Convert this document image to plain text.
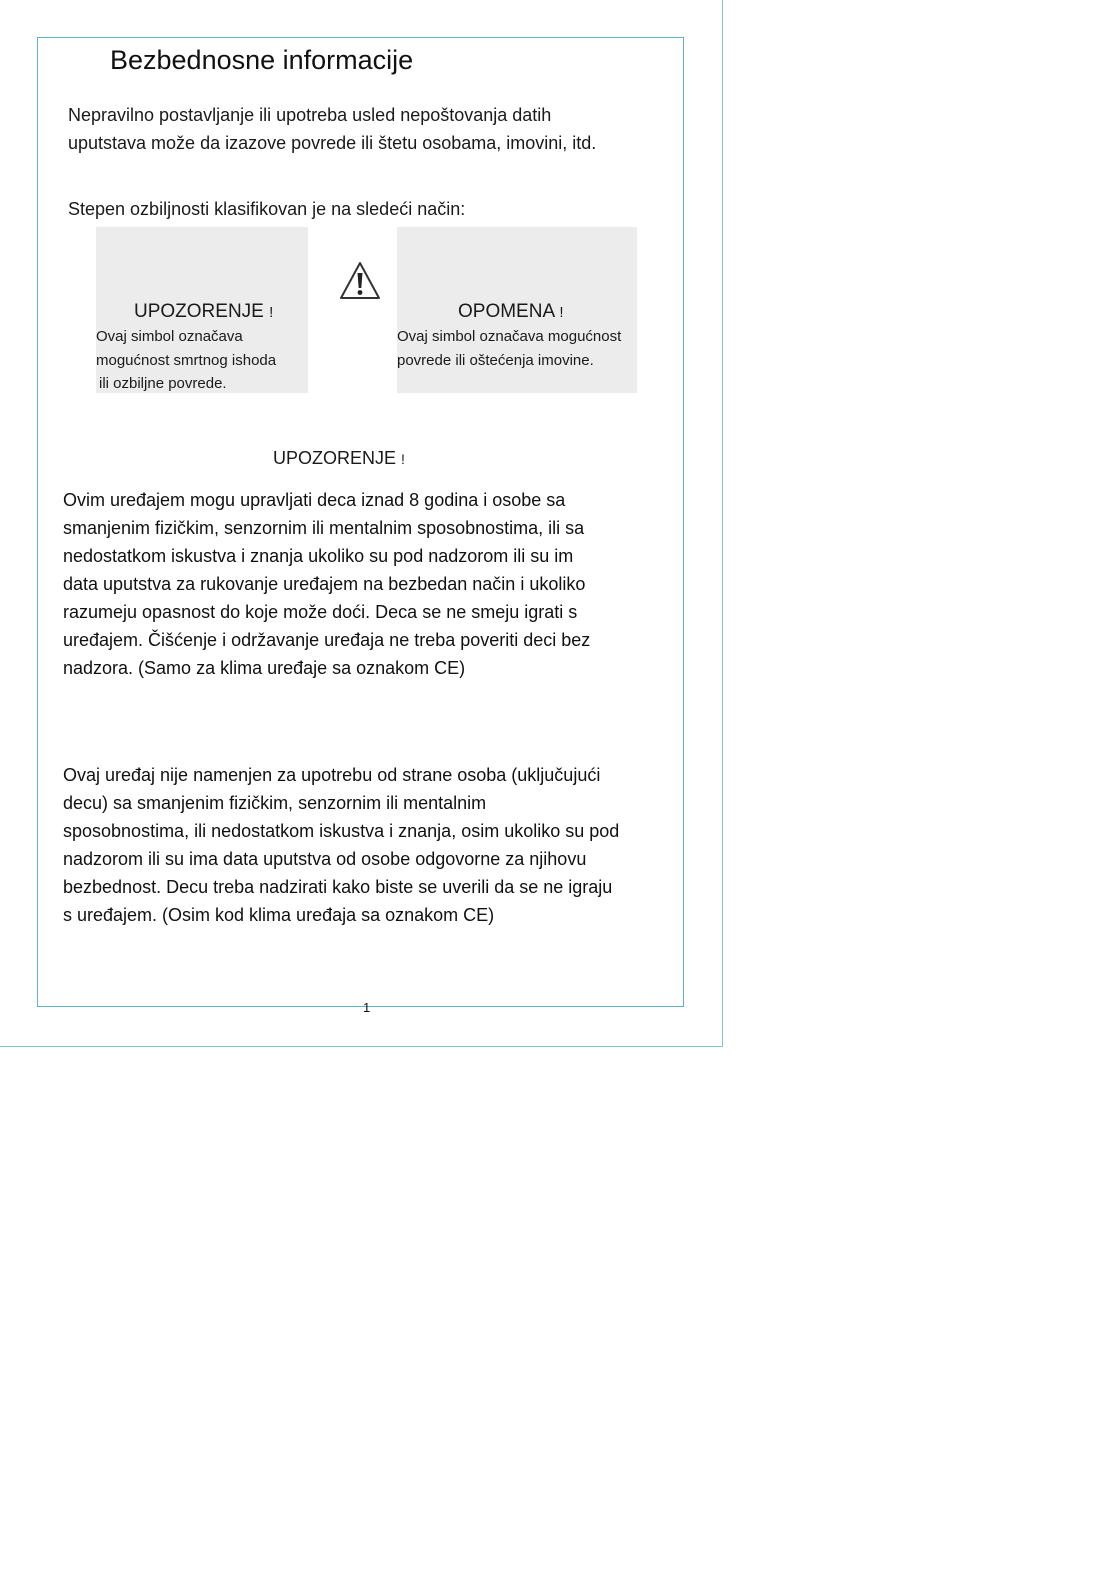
Bezbednosne informacije
Nepravilno postavljanje ili upotreba usled nepoštovanja datih
uputstava može da izazove povrede ili štetu osobama, imovini, itd.
Stepen ozbiljnosti klasifikovan je na sledeći način:
UPOZORENJE !
Ovaj simbol označava
mogućnost smrtnog ishoda
ili ozbiljne povrede.
OPOMENA !
Ovaj simbol označava mogućnost
povrede ili oštećenja imovine.
UPOZORENJE !
Ovim uređajem mogu upravljati deca iznad 8 godina i osobe sa
smanjenim fizičkim, senzornim ili mentalnim sposobnostima, ili sa
nedostatkom iskustva i znanja ukoliko su pod nadzorom ili su im
data uputstva za rukovanje uređajem na bezbedan način i ukoliko
razumeju opasnost do koje može doći. Deca se ne smeju igrati s
uređajem. Čišćenje i održavanje uređaja ne treba poveriti deci bez
nadzora. (Samo za klima uređaje sa oznakom CE)
Ovaj uređaj nije namenjen za upotrebu od strane osoba (uključujući
decu) sa smanjenim fizičkim, senzornim ili mentalnim
sposobnostima, ili nedostatkom iskustva i znanja, osim ukoliko su pod
nadzorom ili su ima data uputstva od osobe odgovorne za njihovu
bezbednost. Decu treba nadzirati kako biste se uverili da se ne igraju
s uređajem. (Osim kod klima uređaja sa oznakom CE)
1
